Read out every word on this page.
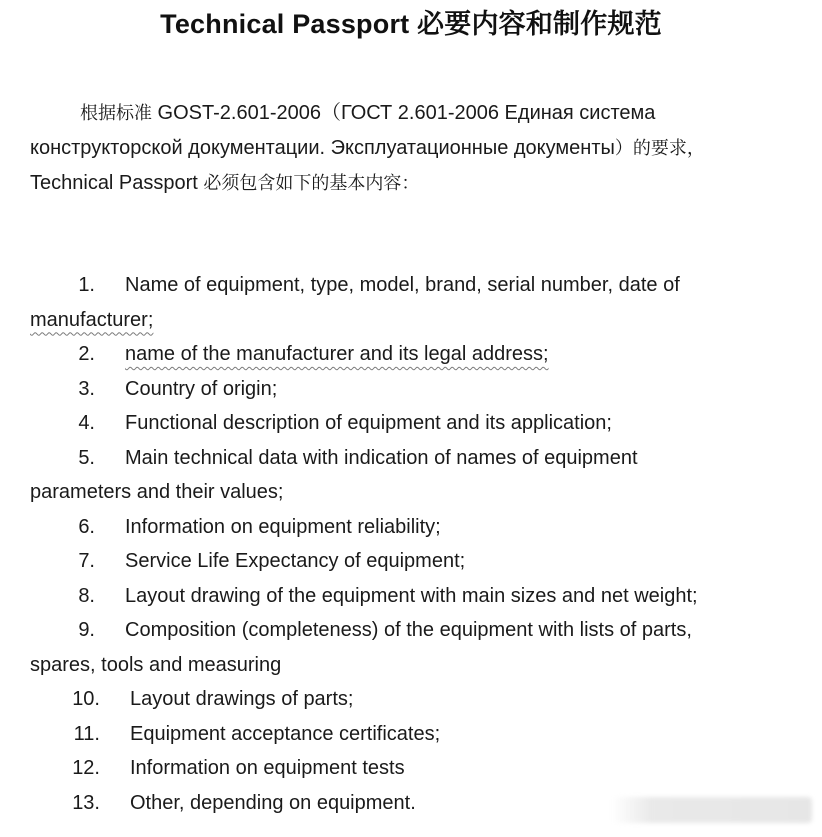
Technical Passport 必要内容和制作规范

根据标准 GOST-2.601-2006（ГОСТ 2.601-2006 Единая система

конструкторской документации. Эксплуатационные документы）的要求，

Technical Passport 必须包含如下的基本内容：

1. Name of equipment, type, model, brand, serial number, date of
manufacturer;
2. name of the manufacturer and its legal address;
3. Country of origin;
4. Functional description of equipment and its application;
5. Main technical data with indication of names of equipment
parameters and their values;
6. Information on equipment reliability;
7. Service Life Expectancy of equipment;
8. Layout drawing of the equipment with main sizes and net weight;
9. Composition (completeness) of the equipment with lists of parts,
spares, tools and measuring
10. Layout drawings of parts;
11. Equipment acceptance certificates;
12. Information on equipment tests
13. Other, depending on equipment.
